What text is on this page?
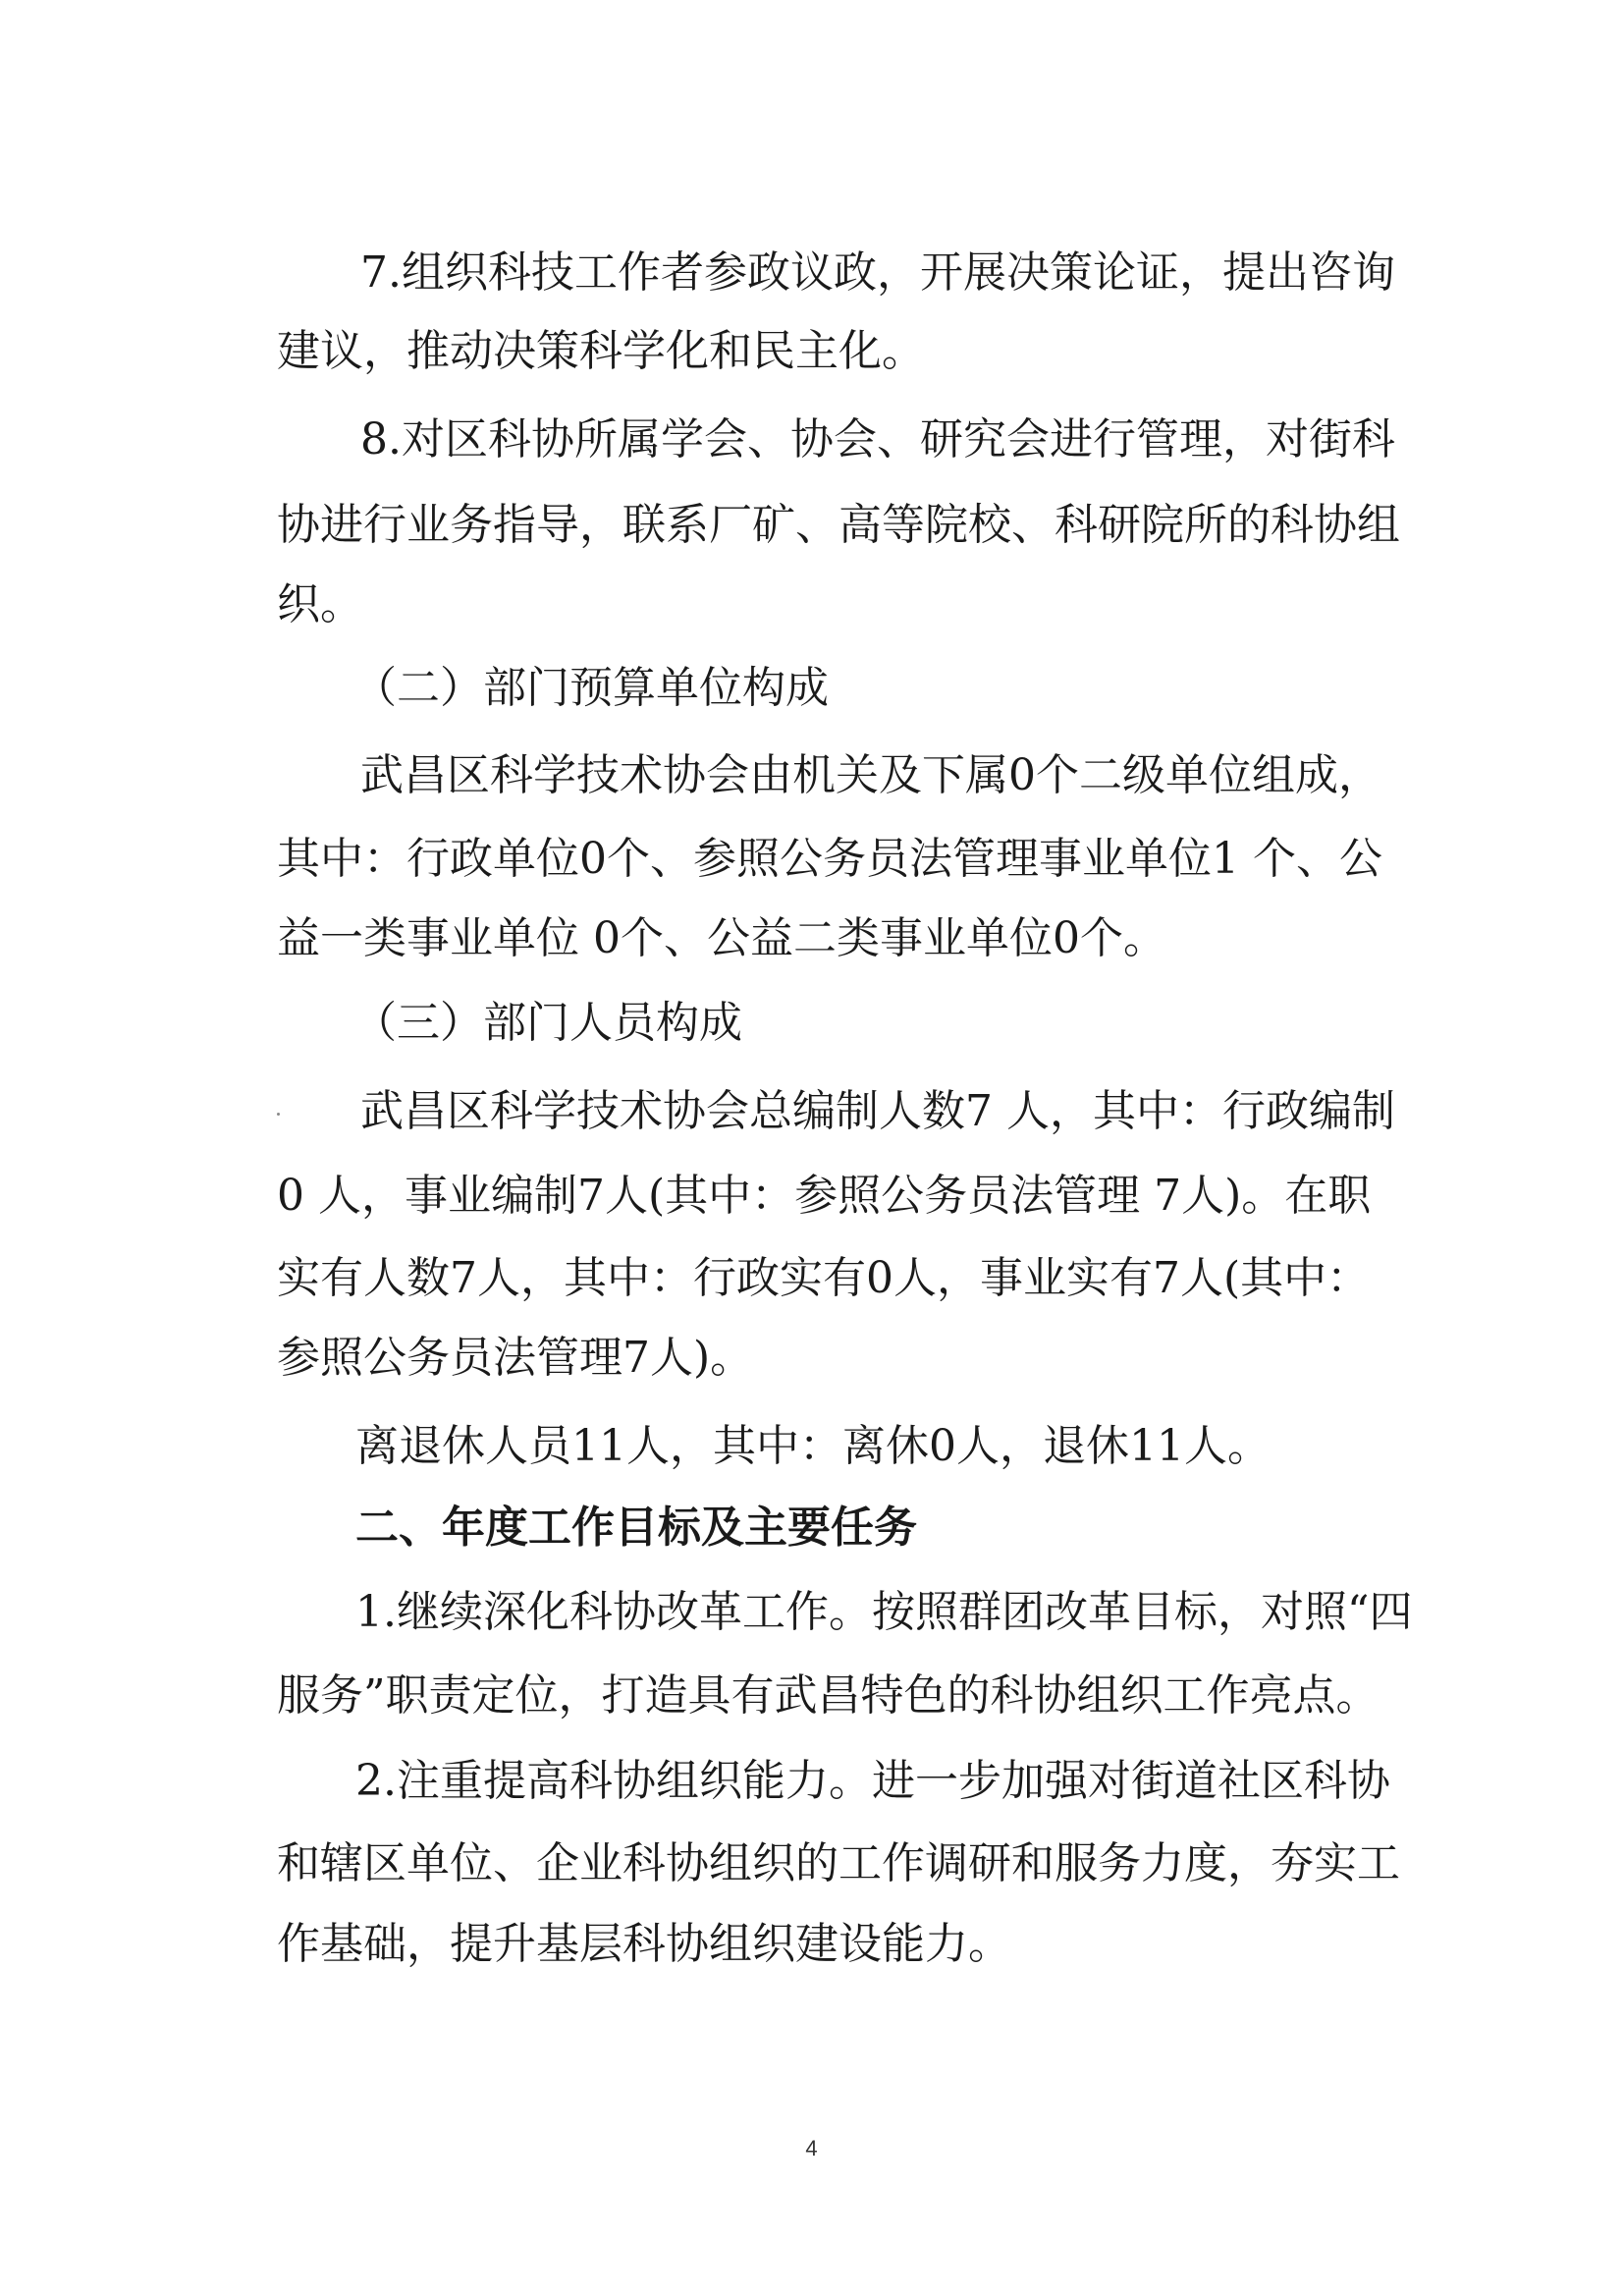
7.组织科技工作者参政议政，开展决策论证，提出咨询
建议，推动决策科学化和民主化。
8.对区科协所属学会、协会、研究会进行管理，对街科
协进行业务指导，联系厂矿、高等院校、科研院所的科协组
织。
（二）部门预算单位构成
武昌区科学技术协会由机关及下属0个二级单位组成，
其中：行政单位0个、参照公务员法管理事业单位1 个、公
益一类事业单位 0个、公益二类事业单位0个。
（三）部门人员构成
武昌区科学技术协会总编制人数7 人，其中：行政编制
0 人，事业编制7人(其中：参照公务员法管理 7人)。在职
实有人数7人，其中：行政实有0人，事业实有7人(其中：
参照公务员法管理7人)。
离退休人员11人，其中：离休0人，退休11人。
二、年度工作目标及主要任务
1.继续深化科协改革工作。按照群团改革目标，对照“四
服务”职责定位，打造具有武昌特色的科协组织工作亮点。
2.注重提高科协组织能力。进一步加强对街道社区科协
和辖区单位、企业科协组织的工作调研和服务力度，夯实工
作基础，提升基层科协组织建设能力。
4
